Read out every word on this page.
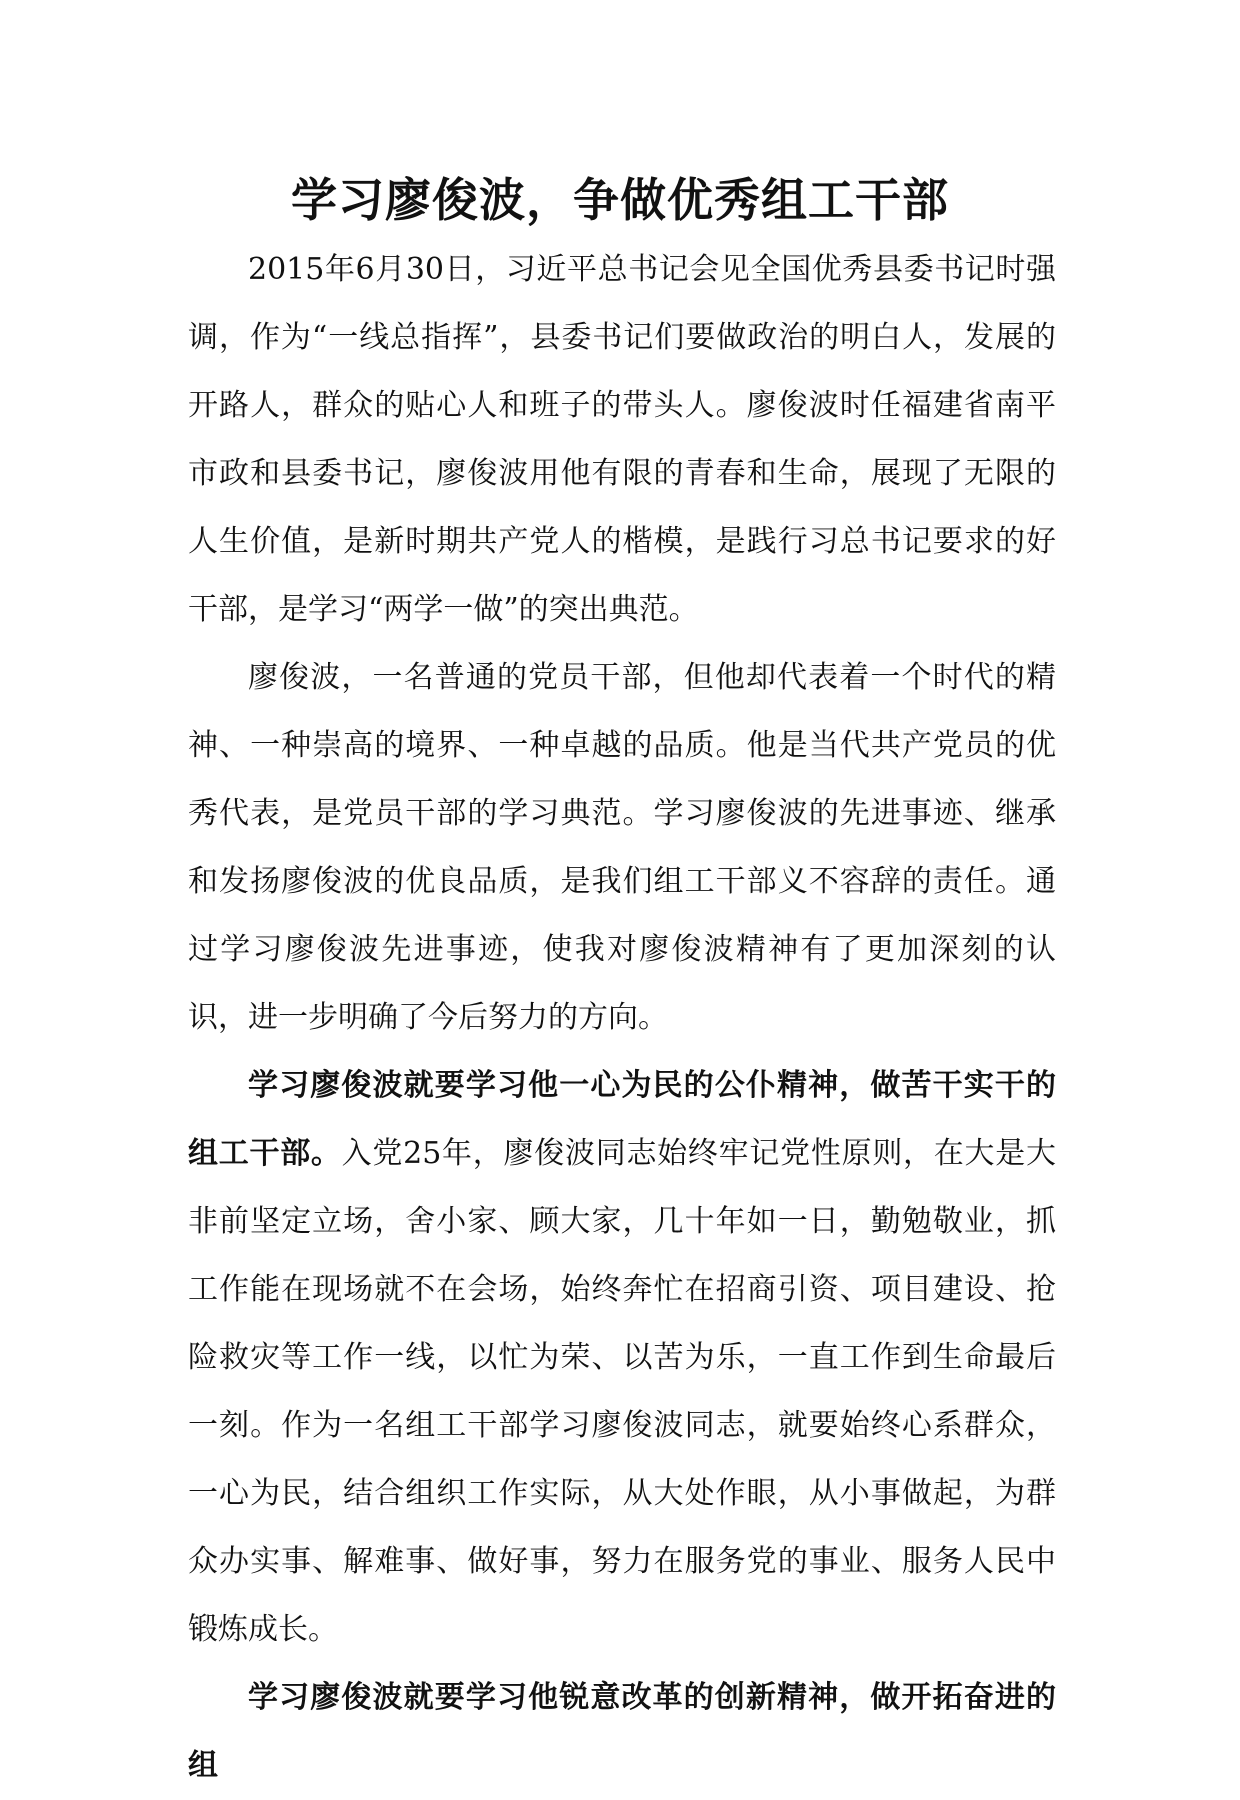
学习廖俊波，争做优秀组工干部

2015年6月30日，习近平总书记会见全国优秀县委书记时强调，作为“一线总指挥”，县委书记们要做政治的明白人，发展的开路人，群众的贴心人和班子的带头人。廖俊波时任福建省南平市政和县委书记，廖俊波用他有限的青春和生命，展现了无限的人生价值，是新时期共产党人的楷模，是践行习总书记要求的好干部，是学习“两学一做”的突出典范。

廖俊波，一名普通的党员干部，但他却代表着一个时代的精神、一种崇高的境界、一种卓越的品质。他是当代共产党员的优秀代表，是党员干部的学习典范。学习廖俊波的先进事迹、继承和发扬廖俊波的优良品质，是我们组工干部义不容辞的责任。通过学习廖俊波先进事迹，使我对廖俊波精神有了更加深刻的认识，进一步明确了今后努力的方向。

学习廖俊波就要学习他一心为民的公仆精神，做苦干实干的组工干部。入党25年，廖俊波同志始终牢记党性原则，在大是大非前坚定立场，舍小家、顾大家，几十年如一日，勤勉敬业，抓工作能在现场就不在会场，始终奔忙在招商引资、项目建设、抢险救灾等工作一线，以忙为荣、以苦为乐，一直工作到生命最后一刻。作为一名组工干部学习廖俊波同志，就要始终心系群众，一心为民，结合组织工作实际，从大处作眼，从小事做起，为群众办实事、解难事、做好事，努力在服务党的事业、服务人民中锻炼成长。

学习廖俊波就要学习他锐意改革的创新精神，做开拓奋进的组
